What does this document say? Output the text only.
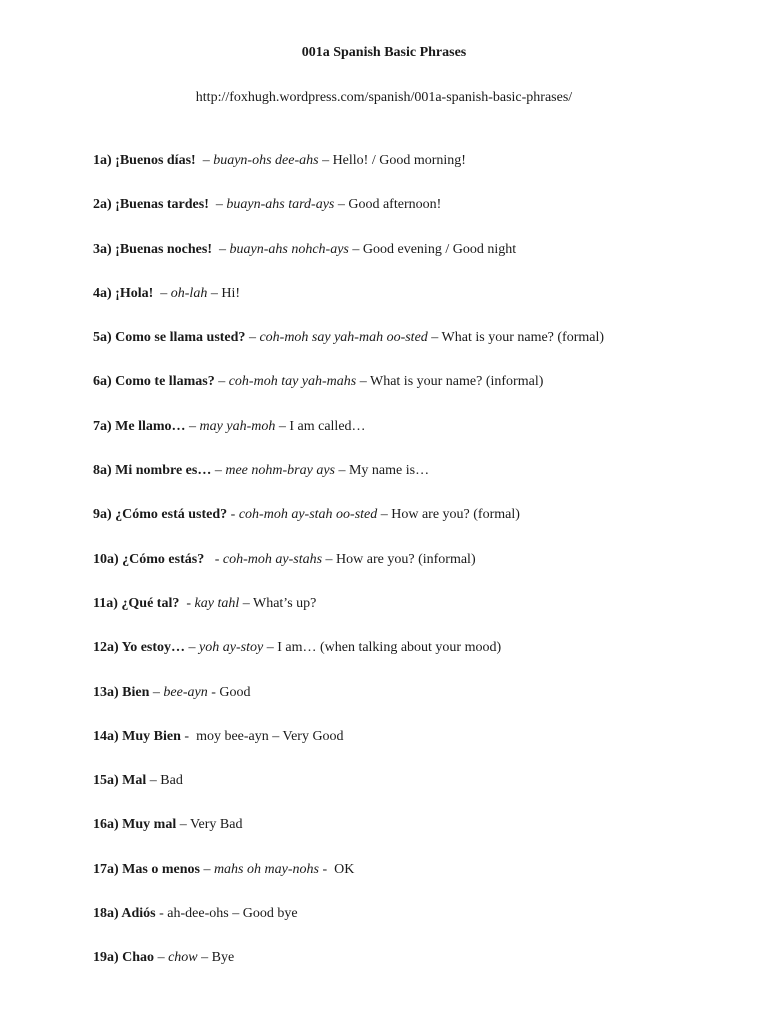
001a Spanish Basic Phrases
http://foxhugh.wordpress.com/spanish/001a-spanish-basic-phrases/
1a) ¡Buenos días!  – buayn-ohs dee-ahs – Hello! / Good morning!
2a) ¡Buenas tardes!  – buayn-ahs tard-ays – Good afternoon!
3a) ¡Buenas noches!  – buayn-ahs nohch-ays – Good evening / Good night
4a) ¡Hola!  – oh-lah – Hi!
5a) Como se llama usted? – coh-moh say yah-mah oo-sted – What is your name? (formal)
6a) Como te llamas? – coh-moh tay yah-mahs – What is your name? (informal)
7a) Me llamo… – may yah-moh – I am called…
8a) Mi nombre es… – mee nohm-bray ays – My name is…
9a) ¿Cómo está usted? - coh-moh ay-stah oo-sted – How are you? (formal)
10a) ¿Cómo estás?   - coh-moh ay-stahs – How are you? (informal)
11a) ¿Qué tal?  - kay tahl – What’s up?
12a) Yo estoy… – yoh ay-stoy – I am… (when talking about your mood)
13a) Bien – bee-ayn - Good
14a) Muy Bien -  moy bee-ayn – Very Good
15a) Mal – Bad
16a) Muy mal – Very Bad
17a) Mas o menos – mahs oh may-nohs -  OK
18a) Adiós - ah-dee-ohs – Good bye
19a) Chao – chow – Bye
